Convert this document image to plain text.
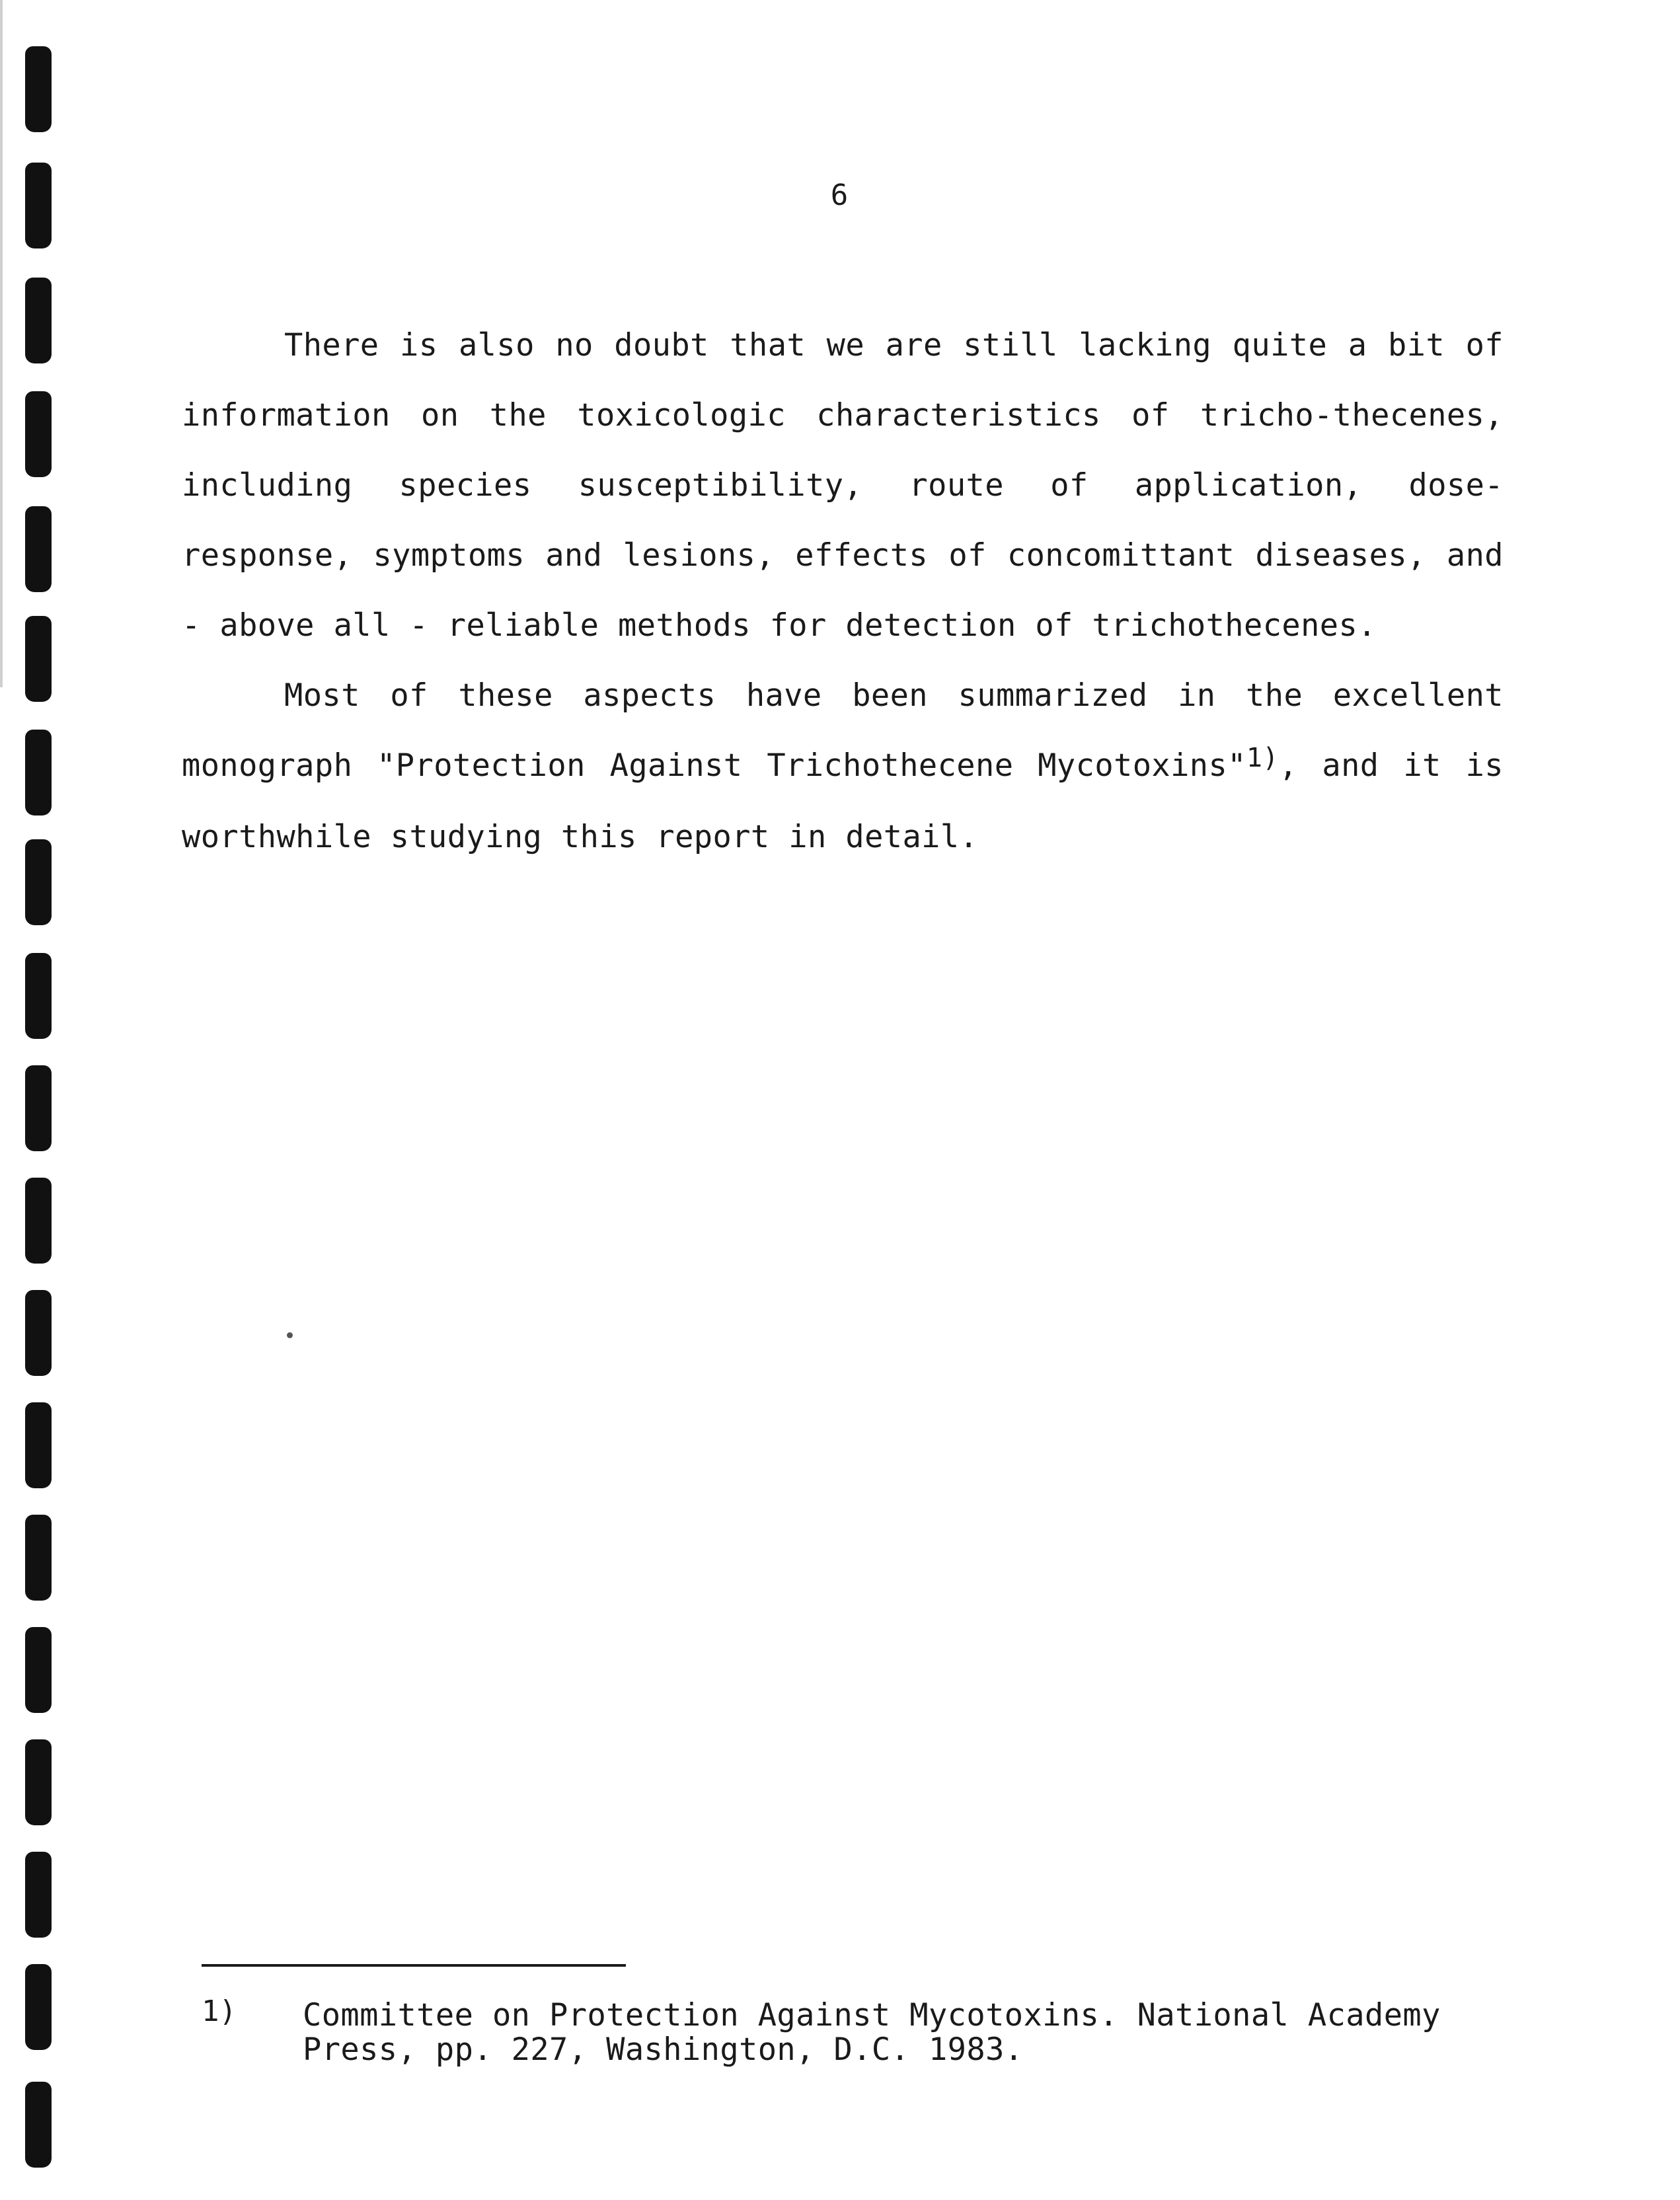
6

There is also no doubt that we are still lacking quite a bit of information on the toxicologic characteristics of tricho-thecenes, including species susceptibility, route of application, dose-response, symptoms and lesions, effects of concomittant diseases, and - above all - reliable methods for detection of trichothecenes.

Most of these aspects have been summarized in the excellent monograph "Protection Against Trichothecene Mycotoxins"1), and it is worthwhile studying this report in detail.

1) Committee on Protection Against Mycotoxins. National Academy Press, pp. 227, Washington, D.C. 1983.
